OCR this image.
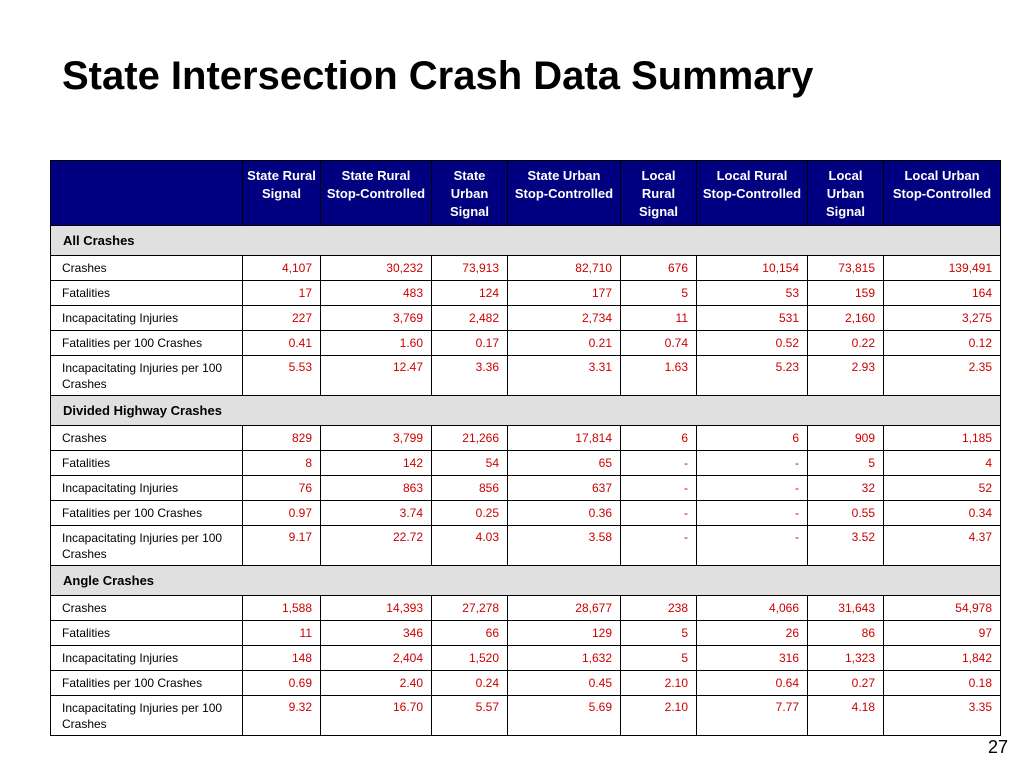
State Intersection Crash Data Summary
	State Rural Signal	State Rural Stop-Controlled	State Urban Signal	State Urban Stop-Controlled	Local Rural Signal	Local Rural Stop-Controlled	Local Urban Signal	Local Urban Stop-Controlled
All Crashes								
Crashes	4,107	30,232	73,913	82,710	676	10,154	73,815	139,491
Fatalities	17	483	124	177	5	53	159	164
Incapacitating Injuries	227	3,769	2,482	2,734	11	531	2,160	3,275
Fatalities per 100 Crashes	0.41	1.60	0.17	0.21	0.74	0.52	0.22	0.12
Incapacitating Injuries per 100 Crashes	5.53	12.47	3.36	3.31	1.63	5.23	2.93	2.35
Divided Highway Crashes								
Crashes	829	3,799	21,266	17,814	6	6	909	1,185
Fatalities	8	142	54	65	-	-	5	4
Incapacitating Injuries	76	863	856	637	-	-	32	52
Fatalities per 100 Crashes	0.97	3.74	0.25	0.36	-	-	0.55	0.34
Incapacitating Injuries per 100 Crashes	9.17	22.72	4.03	3.58	-	-	3.52	4.37
Angle Crashes								
Crashes	1,588	14,393	27,278	28,677	238	4,066	31,643	54,978
Fatalities	11	346	66	129	5	26	86	97
Incapacitating Injuries	148	2,404	1,520	1,632	5	316	1,323	1,842
Fatalities per 100 Crashes	0.69	2.40	0.24	0.45	2.10	0.64	0.27	0.18
Incapacitating Injuries per 100 Crashes	9.32	16.70	5.57	5.69	2.10	7.77	4.18	3.35
27
